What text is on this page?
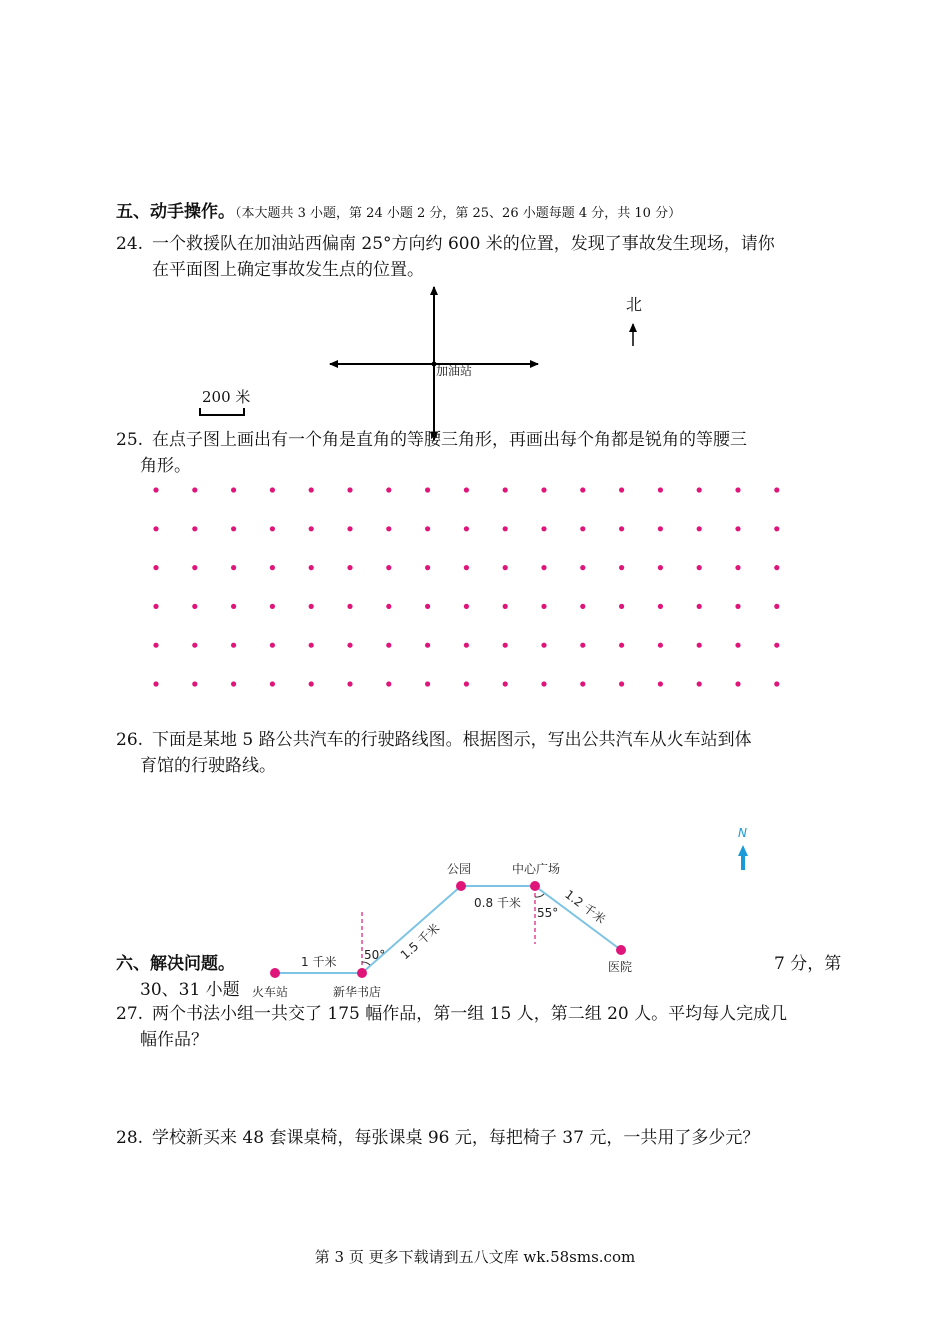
五、动手操作。（本大题共 3 小题，第 24 小题 2 分，第 25、26 小题每题 4 分，共 10 分）
24. 一个救援队在加油站西偏南 25°方向约 600 米的位置，发现了事故发生现场，请你
在平面图上确定事故发生点的位置。
加油站
北
200 米
25. 在点子图上画出有一个角是直角的等腰三角形，再画出每个角都是锐角的等腰三
角形。
26. 下面是某地 5 路公共汽车的行驶路线图。根据图示，写出公共汽车从火车站到体
育馆的行驶路线。
六、解决问题。	7 分，第
30、31 小题
27. 两个书法小组一共交了 175 幅作品，第一组 15 人，第二组 20 人。平均每人完成几
幅作品？
火车站	新华书店
公园	中心广场
医院
1 千米	1.5 千米
0.8 千米	1.2 千米
50°
55°
N
28. 学校新买来 48 套课桌椅，每张课桌 96 元，每把椅子 37 元，一共用了多少元？
第 3 页 更多下载请到五八文库 wk.58sms.com
